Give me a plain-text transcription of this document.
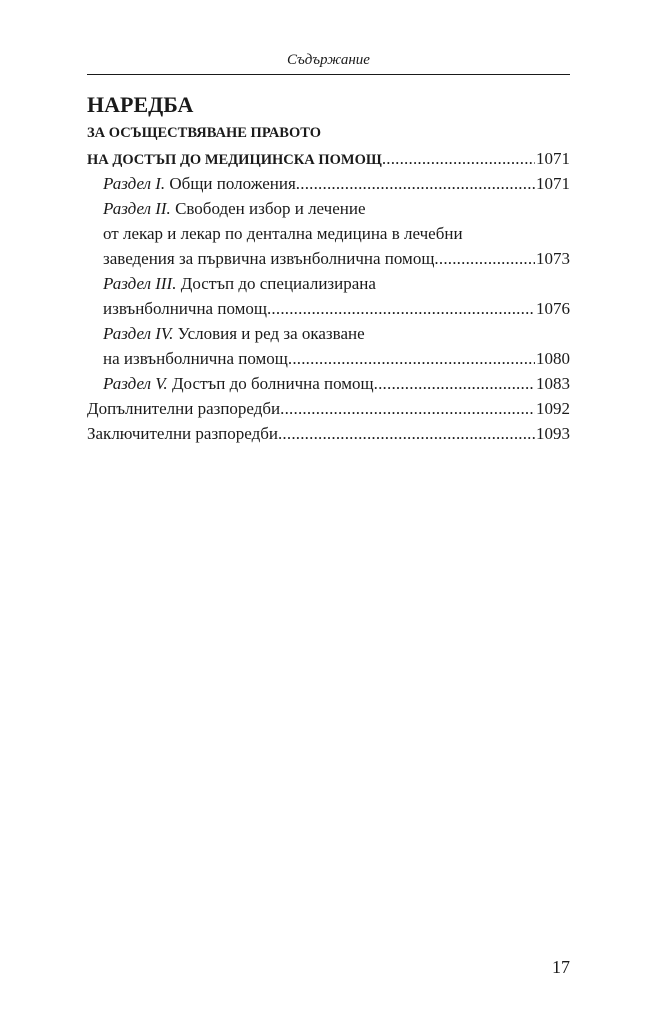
Съдържание
НАРЕДБА
ЗА ОСЪЩЕСТВЯВАНЕ ПРАВОТО
НА ДОСТЪП ДО МЕДИЦИНСКА ПОМОЩ .....	1071
Раздел I. Общи положения .....	1071
Раздел II. Свободен избор и лечение
от лекар и лекар по дентална медицина в лечебни
заведения за първична извънболнична помощ .....	1073
Раздел III. Достъп до специализирана
извънболнична помощ .....	1076
Раздел IV. Условия и ред за оказване
на извънболнична помощ .....	1080
Раздел V. Достъп до болнична помощ .....	1083
Допълнителни разпоредби .....	1092
Заключителни разпоредби .....	1093
17
